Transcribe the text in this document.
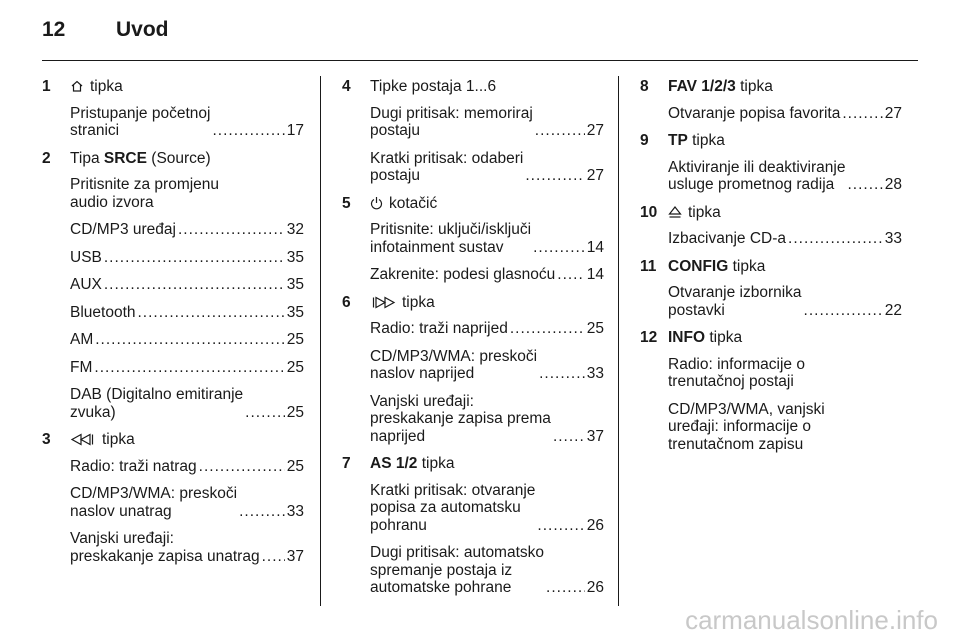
12 Uvod
1	tipka
Pristupanje početnoj
stranici .....	17
2	Tipa SRCE (Source)
Pritisnite za promjenu
audio izvora
CD/MP3 uređaj .....	32
USB .....	35
AUX .....	35
Bluetooth .....	35
AM .....	25
FM .....	25
DAB (Digitalno emitiranje
zvuka) .....	25
3	tipka
Radio: traži natrag .....	25
CD/MP3/WMA: preskoči
naslov unatrag .....	33
Vanjski uređaji:
preskakanje zapisa unatrag ..... 37
4	Tipke postaja 1...6
Dugi pritisak: memoriraj
postaju .....	27
Kratki pritisak: odaberi
postaju .....	27
5	kotačić
Pritisnite: uključi/isključi
infotainment sustav .....	14
Zakrenite: podesi glasnoću ..... 14
6	tipka
Radio: traži naprijed .....	25
CD/MP3/WMA: preskoči
naslov naprijed .....	33
Vanjski uređaji:
preskakanje zapisa prema
naprijed .....	37
7	AS 1/2 tipka
Kratki pritisak: otvaranje
popisa za automatsku
pohranu .....	26
Dugi pritisak: automatsko
spremanje postaja iz
automatske pohrane .....	26
8	FAV 1/2/3 tipka
Otvaranje popisa favorita .....	27
9	TP tipka
Aktiviranje ili deaktiviranje
usluge prometnog radija .....	28
10	tipka
Izbacivanje CD-a .....	33
11 CONFIG tipka
Otvaranje izbornika
postavki .....	22
12 INFO tipka
Radio: informacije o
trenutačnoj postaji
CD/MP3/WMA, vanjski
uređaji: informacije o
trenutačnom zapisu
carmanualsonline.info
